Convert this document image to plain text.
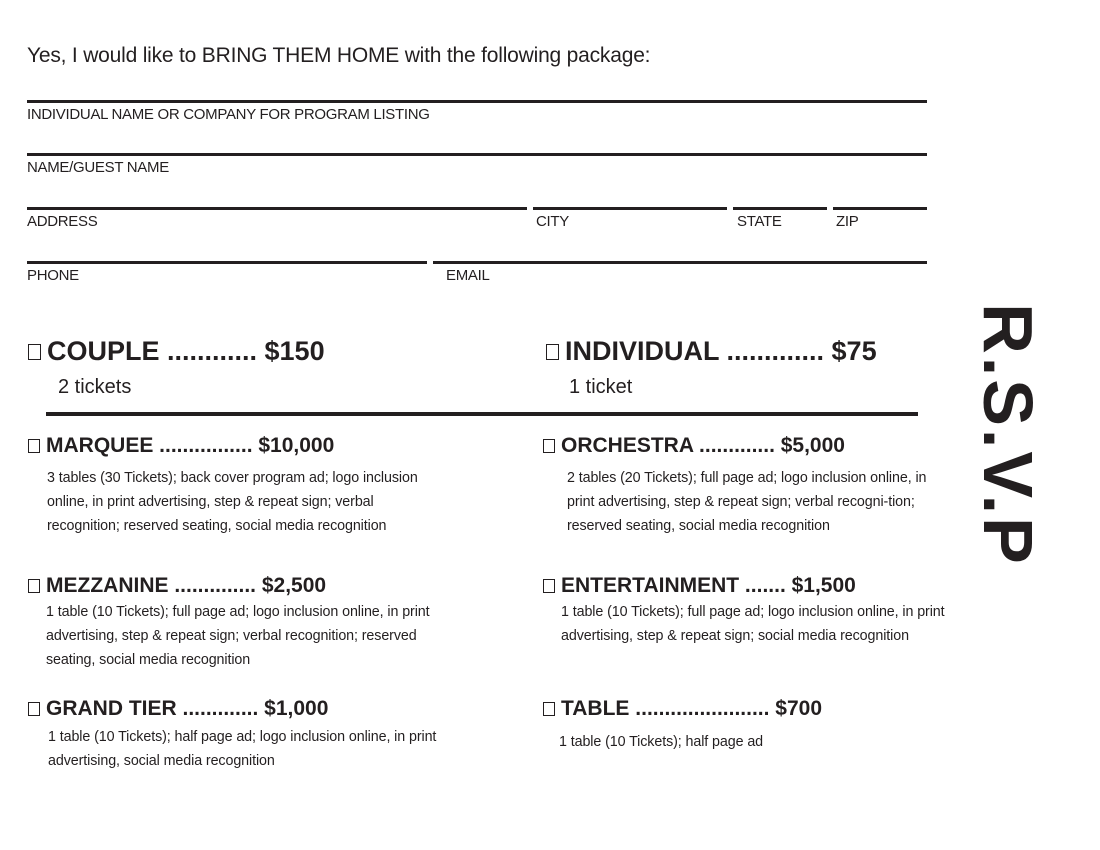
Yes, I would like to BRING THEM HOME with the following package:
INDIVIDUAL NAME OR COMPANY FOR PROGRAM LISTING
NAME/GUEST NAME
ADDRESS	CITY	STATE	ZIP
PHONE	EMAIL
COUPLE ............ $150
2 tickets
INDIVIDUAL ............. $75
1 ticket
MARQUEE ................ $10,000
3 tables (30 Tickets); back cover program ad; logo inclusion online, in print advertising, step & repeat sign; verbal recognition; reserved seating, social media recognition
ORCHESTRA ............. $5,000
2 tables (20 Tickets); full page ad; logo inclusion online, in print advertising, step & repeat sign; verbal recogni-tion; reserved seating, social media recognition
MEZZANINE .............. $2,500
1 table (10 Tickets); full page ad; logo inclusion online, in print advertising, step & repeat sign; verbal recognition; reserved seating, social media recognition
ENTERTAINMENT ....... $1,500
1 table (10 Tickets); full page ad; logo inclusion online, in print advertising, step & repeat sign; social media recognition
GRAND TIER ............. $1,000
1 table (10 Tickets); half page ad; logo inclusion online, in print advertising, social media recognition
TABLE ....................... $700
1 table (10 Tickets); half page ad
R.S.V.P
